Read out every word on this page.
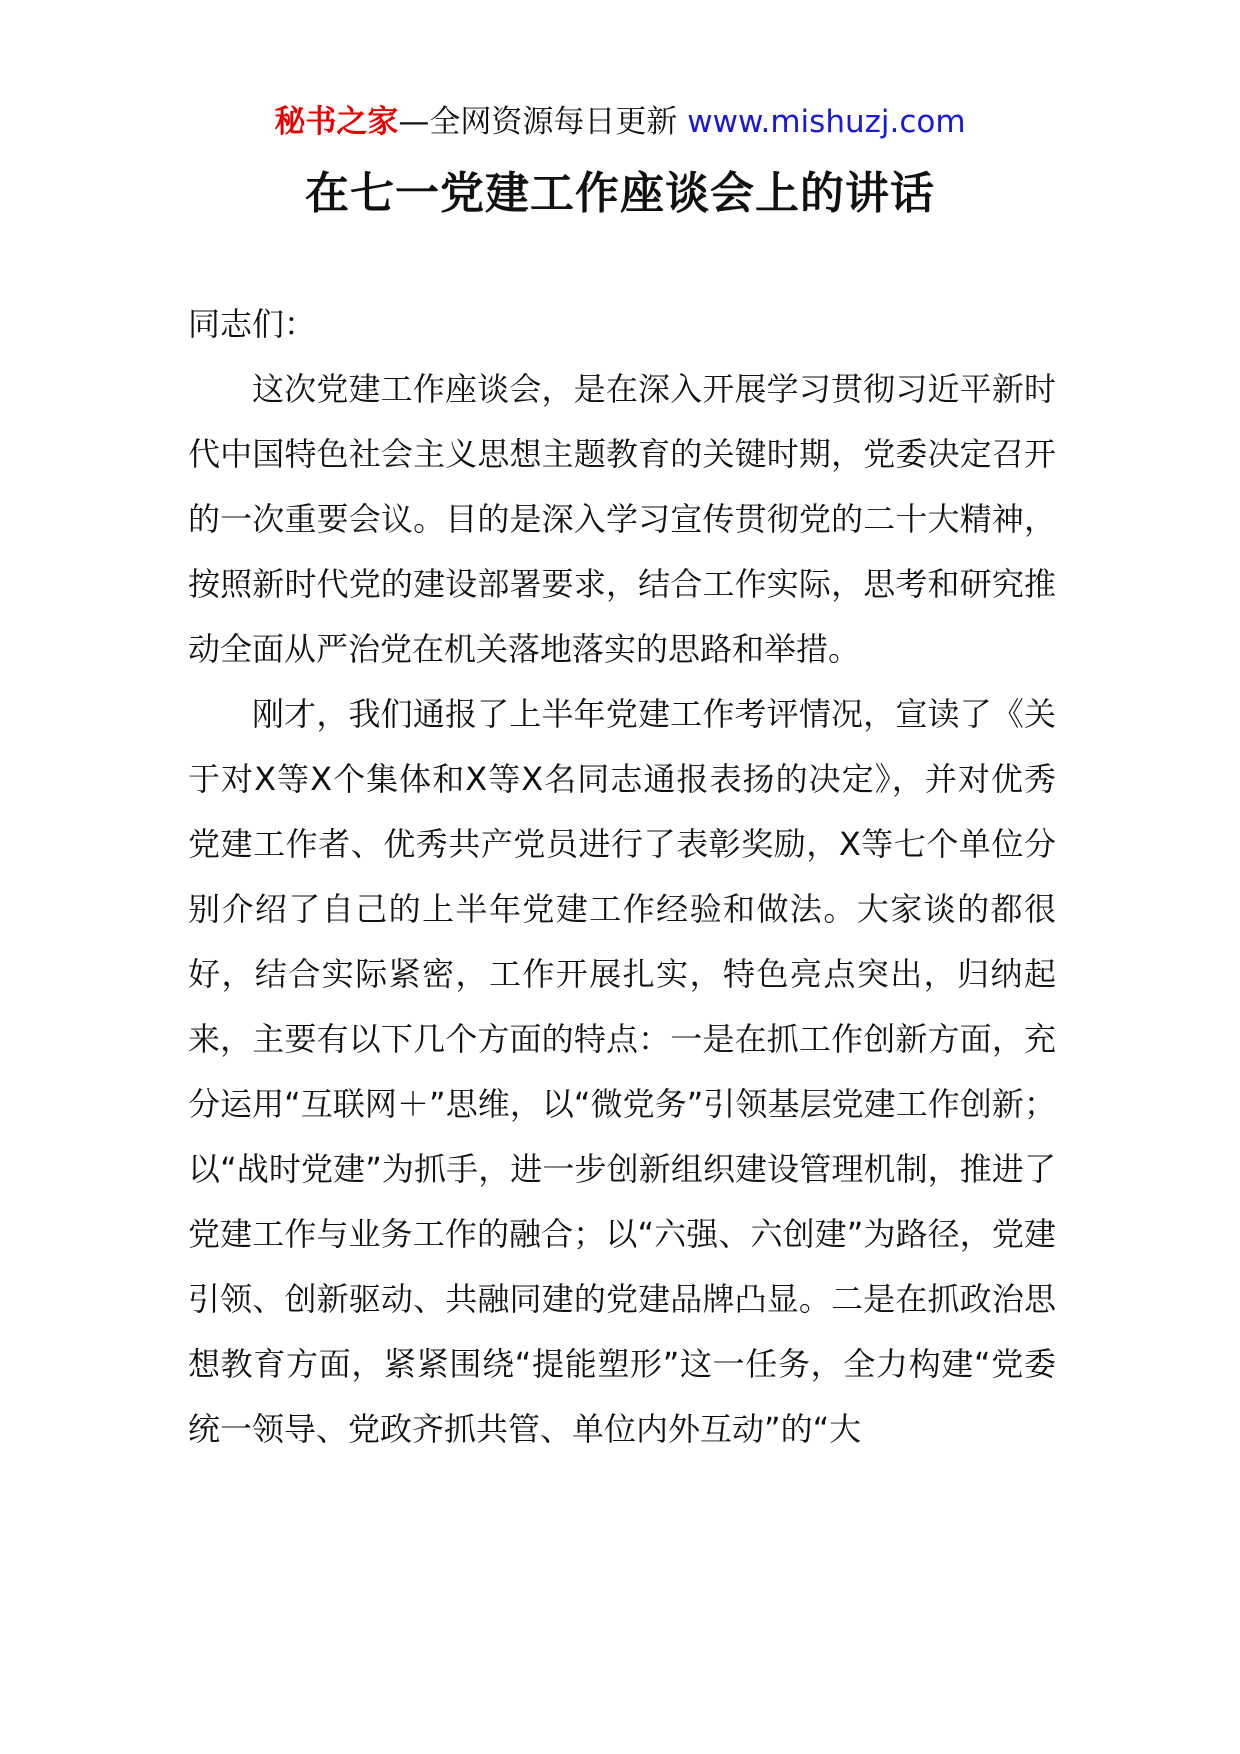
秘书之家—全网资源每日更新 www.mishuzj.com
在七一党建工作座谈会上的讲话

同志们：

这次党建工作座谈会，是在深入开展学习贯彻习近平新时代中国特色社会主义思想主题教育的关键时期，党委决定召开的一次重要会议。目的是深入学习宣传贯彻党的二十大精神，按照新时代党的建设部署要求，结合工作实际，思考和研究推动全面从严治党在机关落地落实的思路和举措。

刚才，我们通报了上半年党建工作考评情况，宣读了《关于对X等X个集体和X等X名同志通报表扬的决定》，并对优秀党建工作者、优秀共产党员进行了表彰奖励，X等七个单位分别介绍了自己的上半年党建工作经验和做法。大家谈的都很好，结合实际紧密，工作开展扎实，特色亮点突出，归纳起来，主要有以下几个方面的特点：一是在抓工作创新方面，充分运用“互联网＋”思维，以“微党务”引领基层党建工作创新；以“战时党建”为抓手，进一步创新组织建设管理机制，推进了党建工作与业务工作的融合；以“六强、六创建”为路径，党建引领、创新驱动、共融同建的党建品牌凸显。二是在抓政治思想教育方面，紧紧围绕“提能塑形”这一任务，全力构建“党委统一领导、党政齐抓共管、单位内外互动”的“大
